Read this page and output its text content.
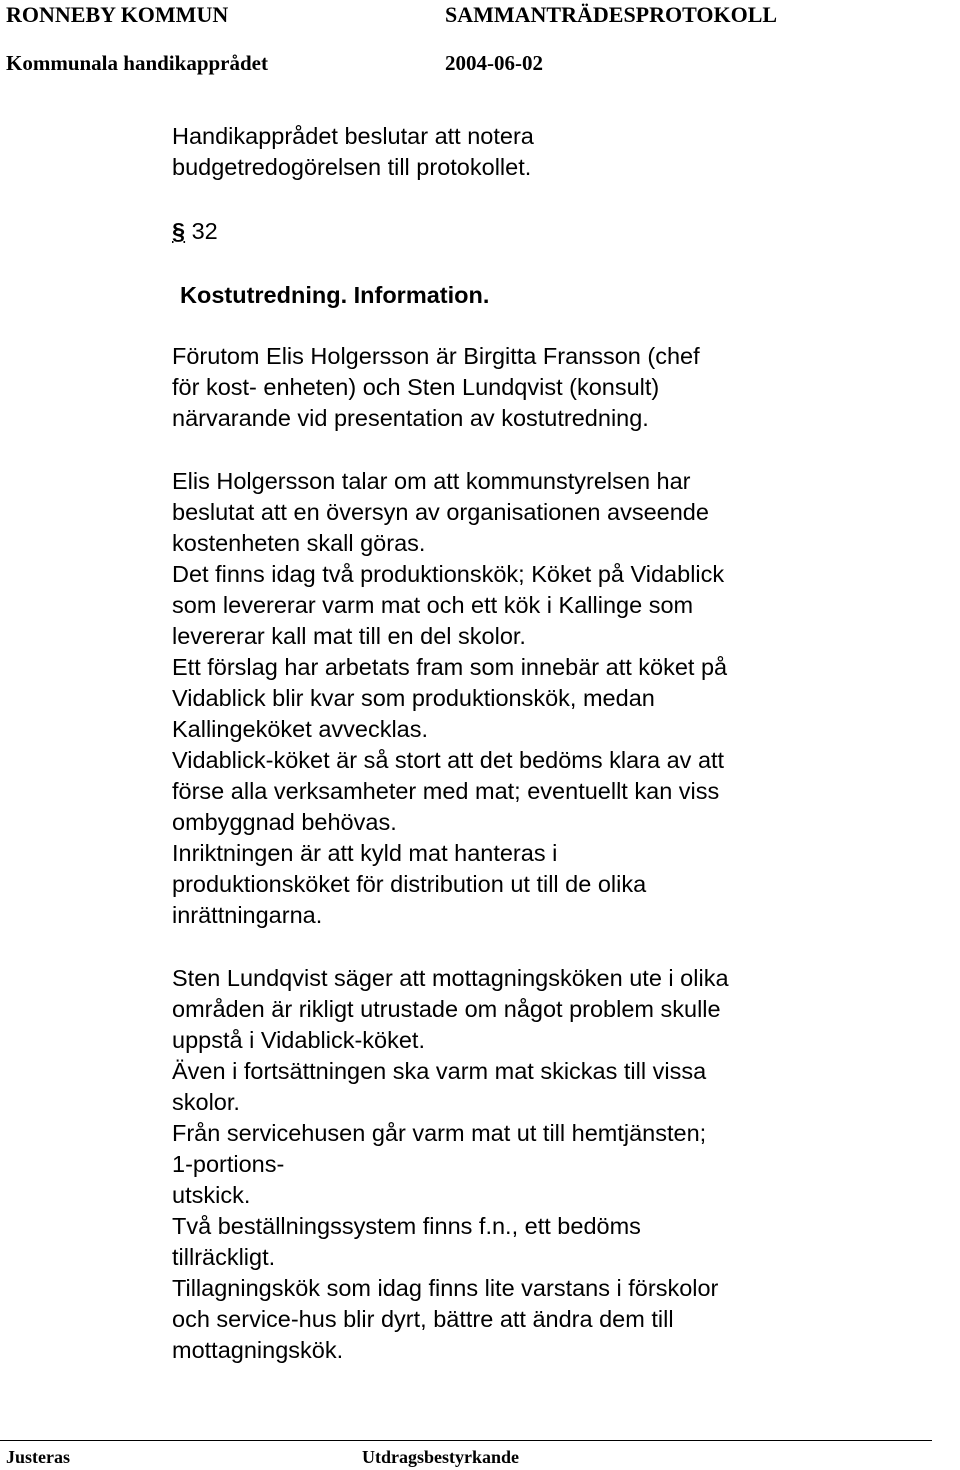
RONNEBY KOMMUN	SAMMANTRÄDESPROTOKOLL
Kommunala handikapprådet	2004-06-02

Handikapprådet beslutar att notera

budgetredogörelsen till protokollet.

§ 32
Kostutredning. Information.

Förutom Elis Holgersson är Birgitta Fransson (chef

för kost- enheten) och Sten Lundqvist (konsult)

närvarande vid presentation av kostutredning.

Elis Holgersson talar om att kommunstyrelsen har

beslutat att en översyn av organisationen avseende

kostenheten skall göras.

Det finns idag två produktionskök; Köket på Vidablick

som levererar varm mat och ett kök i Kallinge som

levererar kall mat till en del skolor.

Ett förslag har arbetats fram som innebär att köket på

Vidablick blir kvar som produktionskök, medan

Kallingeköket avvecklas.

Vidablick-köket är så stort att det bedöms klara av att

förse alla verksamheter med mat; eventuellt kan viss

ombyggnad behövas.

Inriktningen är att kyld mat hanteras i

produktionsköket för distribution ut till de olika

inrättningarna.

Sten Lundqvist säger att mottagningsköken ute i olika

områden är rikligt utrustade om något problem skulle

uppstå i Vidablick-köket.

Även i fortsättningen ska varm mat skickas till vissa

skolor.

Från servicehusen går varm mat ut till hemtjänsten;

1-portions-

utskick.

Två beställningssystem finns f.n., ett bedöms

tillräckligt.

Tillagningskök som idag finns lite varstans i förskolor

och service-hus blir dyrt, bättre att ändra dem till

mottagningskök.

Justeras	Utdragsbestyrkande
